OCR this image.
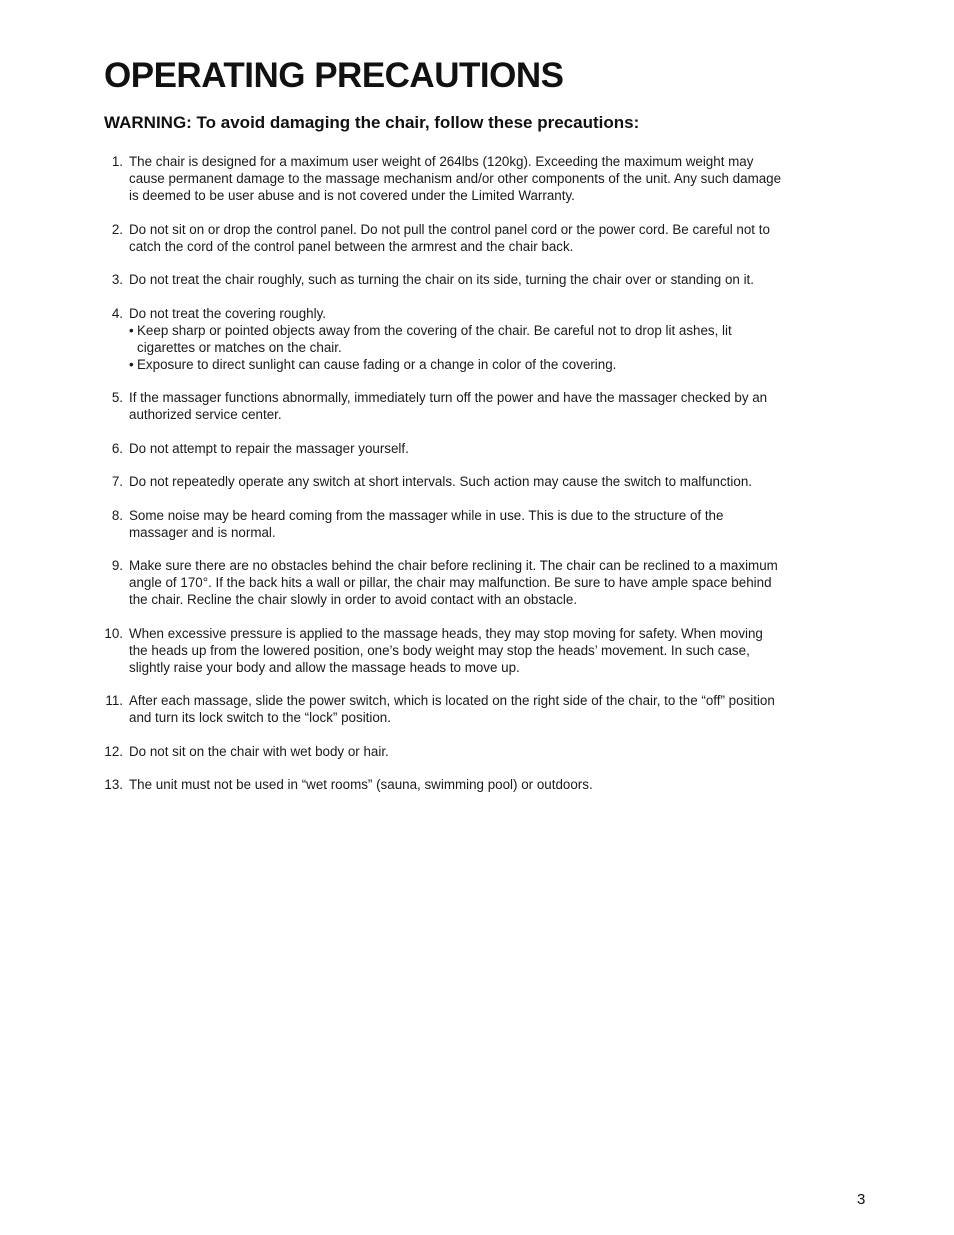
OPERATING PRECAUTIONS
WARNING: To avoid damaging the chair, follow these precautions:
1. The chair is designed for a maximum user weight of 264lbs (120kg). Exceeding the maximum weight may
cause permanent damage to the massage mechanism and/or other components of the unit. Any such damage
is deemed to be user abuse and is not covered under the Limited Warranty.
2. Do not sit on or drop the control panel. Do not pull the control panel cord or the power cord. Be careful not to
catch the cord of the control panel between the armrest and the chair back.
3. Do not treat the chair roughly, such as turning the chair on its side, turning the chair over or standing on it.
4. Do not treat the covering roughly.
• Keep sharp or pointed objects away from the covering of the chair. Be careful not to drop lit ashes, lit
cigarettes or matches on the chair.
• Exposure to direct sunlight can cause fading or a change in color of the covering.
5. If the massager functions abnormally, immediately turn off the power and have the massager checked by an
authorized service center.
6. Do not attempt to repair the massager yourself.
7. Do not repeatedly operate any switch at short intervals. Such action may cause the switch to malfunction.
8. Some noise may be heard coming from the massager while in use. This is due to the structure of the
massager and is normal.
9. Make sure there are no obstacles behind the chair before reclining it. The chair can be reclined to a maximum
angle of 170°. If the back hits a wall or pillar, the chair may malfunction. Be sure to have ample space behind
the chair. Recline the chair slowly in order to avoid contact with an obstacle.
10. When excessive pressure is applied to the massage heads, they may stop moving for safety. When moving
the heads up from the lowered position, one’s body weight may stop the heads’ movement. In such case,
slightly raise your body and allow the massage heads to move up.
11. After each massage, slide the power switch, which is located on the right side of the chair, to the “off” position
and turn its lock switch to the “lock” position.
12. Do not sit on the chair with wet body or hair.
13. The unit must not be used in “wet rooms” (sauna, swimming pool) or outdoors.
3
